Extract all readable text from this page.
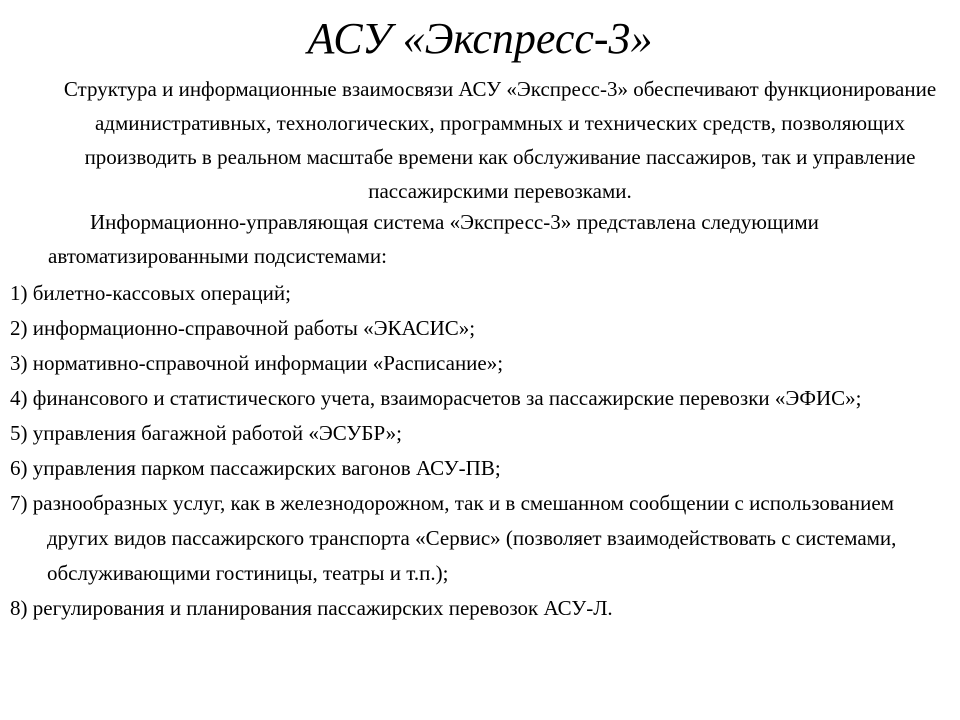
АСУ «Экспресс-3»
Структура и информационные взаимосвязи АСУ «Экспресс-3» обеспечивают функционирование административных, технологических, программных и технических средств, позволяющих производить в реальном масштабе времени как обслуживание пассажиров, так и управление пассажирскими перевозками.
Информационно-управляющая система «Экспресс-3» представлена следующими
автоматизированными подсистемами:
1) билетно-кассовых операций;
2) информационно-справочной работы «ЭКАСИС»;
3) нормативно-справочной информации «Расписание»;
4) финансового и статистического учета, взаиморасчетов за пассажирские перевозки «ЭФИС»;
5) управления багажной работой «ЭСУБР»;
6) управления парком пассажирских вагонов АСУ-ПВ;
7) разнообразных услуг, как в железнодорожном, так и в смешанном сообщении с использованием других видов пассажирского транспорта «Сервис» (позволяет взаимодействовать с системами, обслуживающими гостиницы, театры и т.п.);
8) регулирования и планирования пассажирских перевозок АСУ-Л.
